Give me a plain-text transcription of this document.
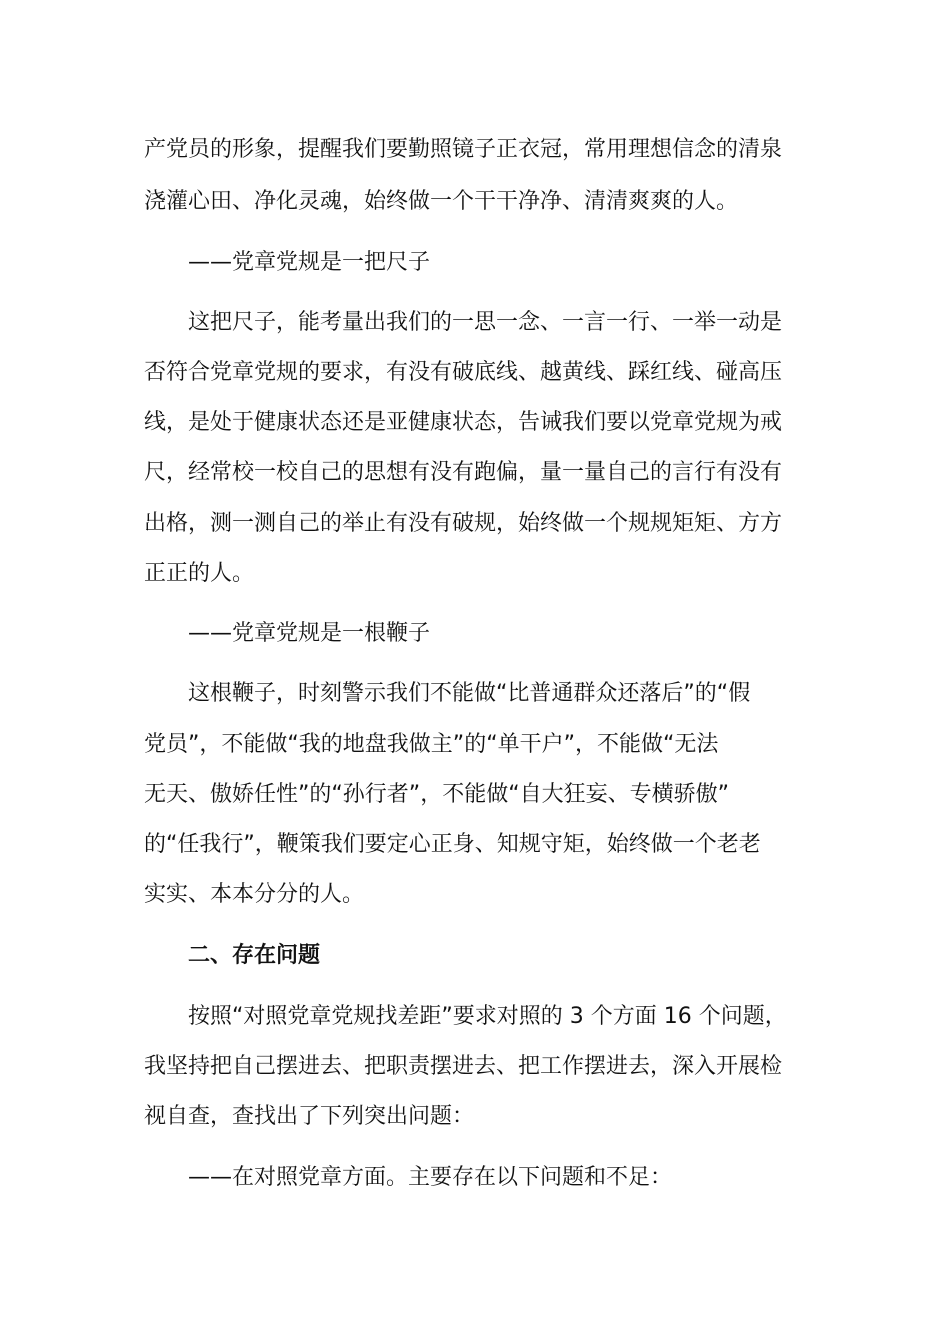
产党员的形象，提醒我们要勤照镜子正衣冠，常用理想信念的清泉
浇灌心田、净化灵魂，始终做一个干干净净、清清爽爽的人。
——党章党规是一把尺子
这把尺子，能考量出我们的一思一念、一言一行、一举一动是
否符合党章党规的要求，有没有破底线、越黄线、踩红线、碰高压
线，是处于健康状态还是亚健康状态，告诫我们要以党章党规为戒
尺，经常校一校自己的思想有没有跑偏，量一量自己的言行有没有
出格，测一测自己的举止有没有破规，始终做一个规规矩矩、方方
正正的人。
——党章党规是一根鞭子
这根鞭子，时刻警示我们不能做“比普通群众还落后”的“假
党员”，不能做“我的地盘我做主”的“单干户”，不能做“无法
无天、傲娇任性”的“孙行者”，不能做“自大狂妄、专横骄傲”
的“任我行”，鞭策我们要定心正身、知规守矩，始终做一个老老
实实、本本分分的人。
二、存在问题
按照“对照党章党规找差距”要求对照的 3 个方面 16 个问题，
我坚持把自己摆进去、把职责摆进去、把工作摆进去，深入开展检
视自查，查找出了下列突出问题：
——在对照党章方面。主要存在以下问题和不足：
